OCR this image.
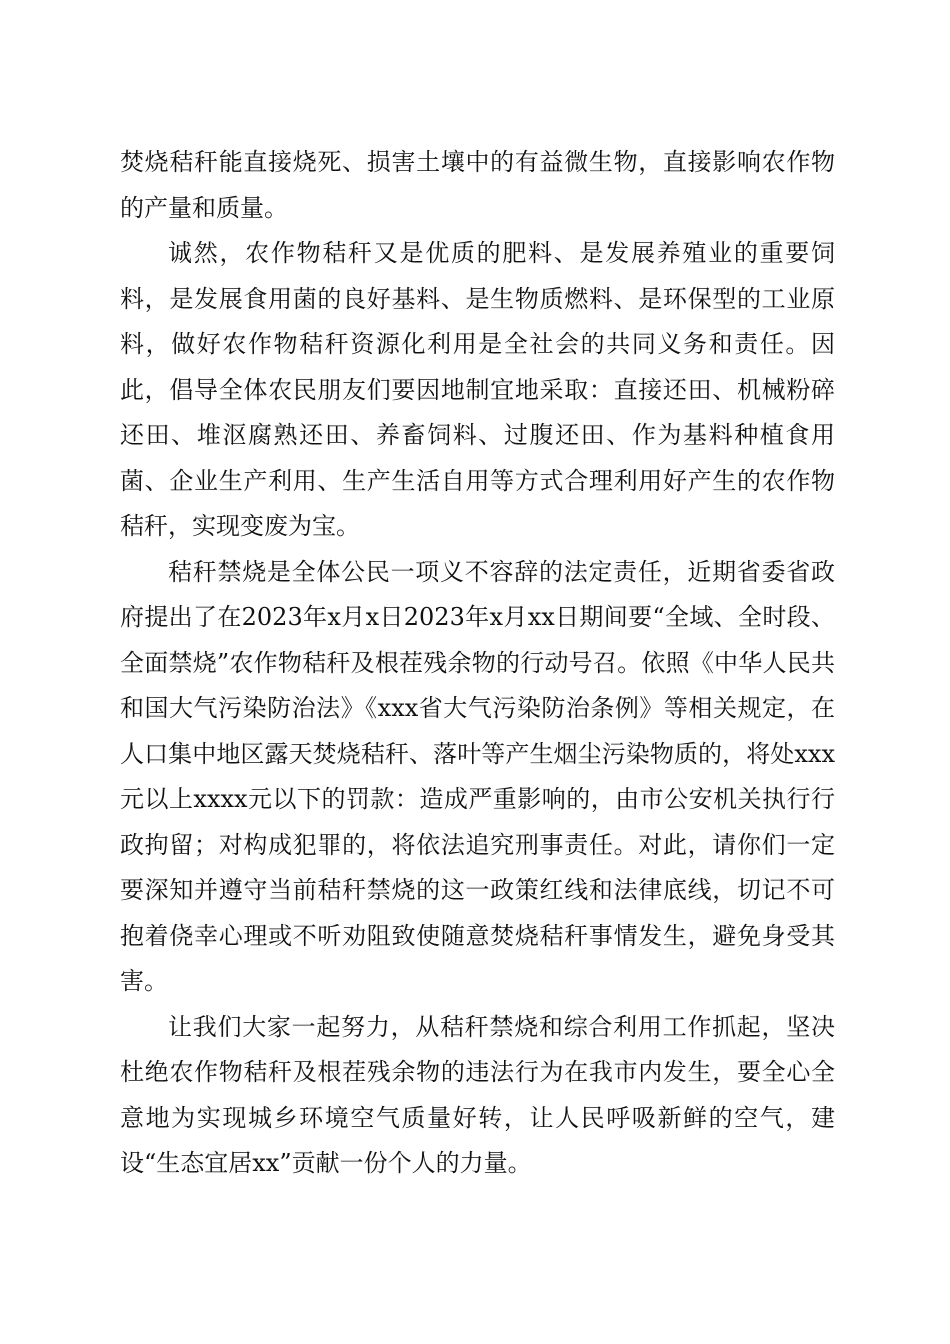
焚烧秸秆能直接烧死、损害土壤中的有益微生物，直接影响农作物的产量和质量。

诚然，农作物秸秆又是优质的肥料、是发展养殖业的重要饲料，是发展食用菌的良好基料、是生物质燃料、是环保型的工业原料，做好农作物秸秆资源化利用是全社会的共同义务和责任。因此，倡导全体农民朋友们要因地制宜地采取：直接还田、机械粉碎还田、堆沤腐熟还田、养畜饲料、过腹还田、作为基料种植食用菌、企业生产利用、生产生活自用等方式合理利用好产生的农作物秸秆，实现变废为宝。

秸秆禁烧是全体公民一项义不容辞的法定责任，近期省委省政府提出了在2023年x月x日2023年x月xx日期间要“全域、全时段、全面禁烧”农作物秸秆及根茬残余物的行动号召。依照《中华人民共和国大气污染防治法》《xxx省大气污染防治条例》等相关规定，在人口集中地区露天焚烧秸秆、落叶等产生烟尘污染物质的，将处xxx元以上xxxx元以下的罚款：造成严重影响的，由市公安机关执行行政拘留；对构成犯罪的，将依法追究刑事责任。对此，请你们一定要深知并遵守当前秸秆禁烧的这一政策红线和法律底线，切记不可抱着侥幸心理或不听劝阻致使随意焚烧秸秆事情发生，避免身受其害。

让我们大家一起努力，从秸秆禁烧和综合利用工作抓起，坚决杜绝农作物秸秆及根茬残余物的违法行为在我市内发生，要全心全意地为实现城乡环境空气质量好转，让人民呼吸新鲜的空气，建设“生态宜居xx”贡献一份个人的力量。
